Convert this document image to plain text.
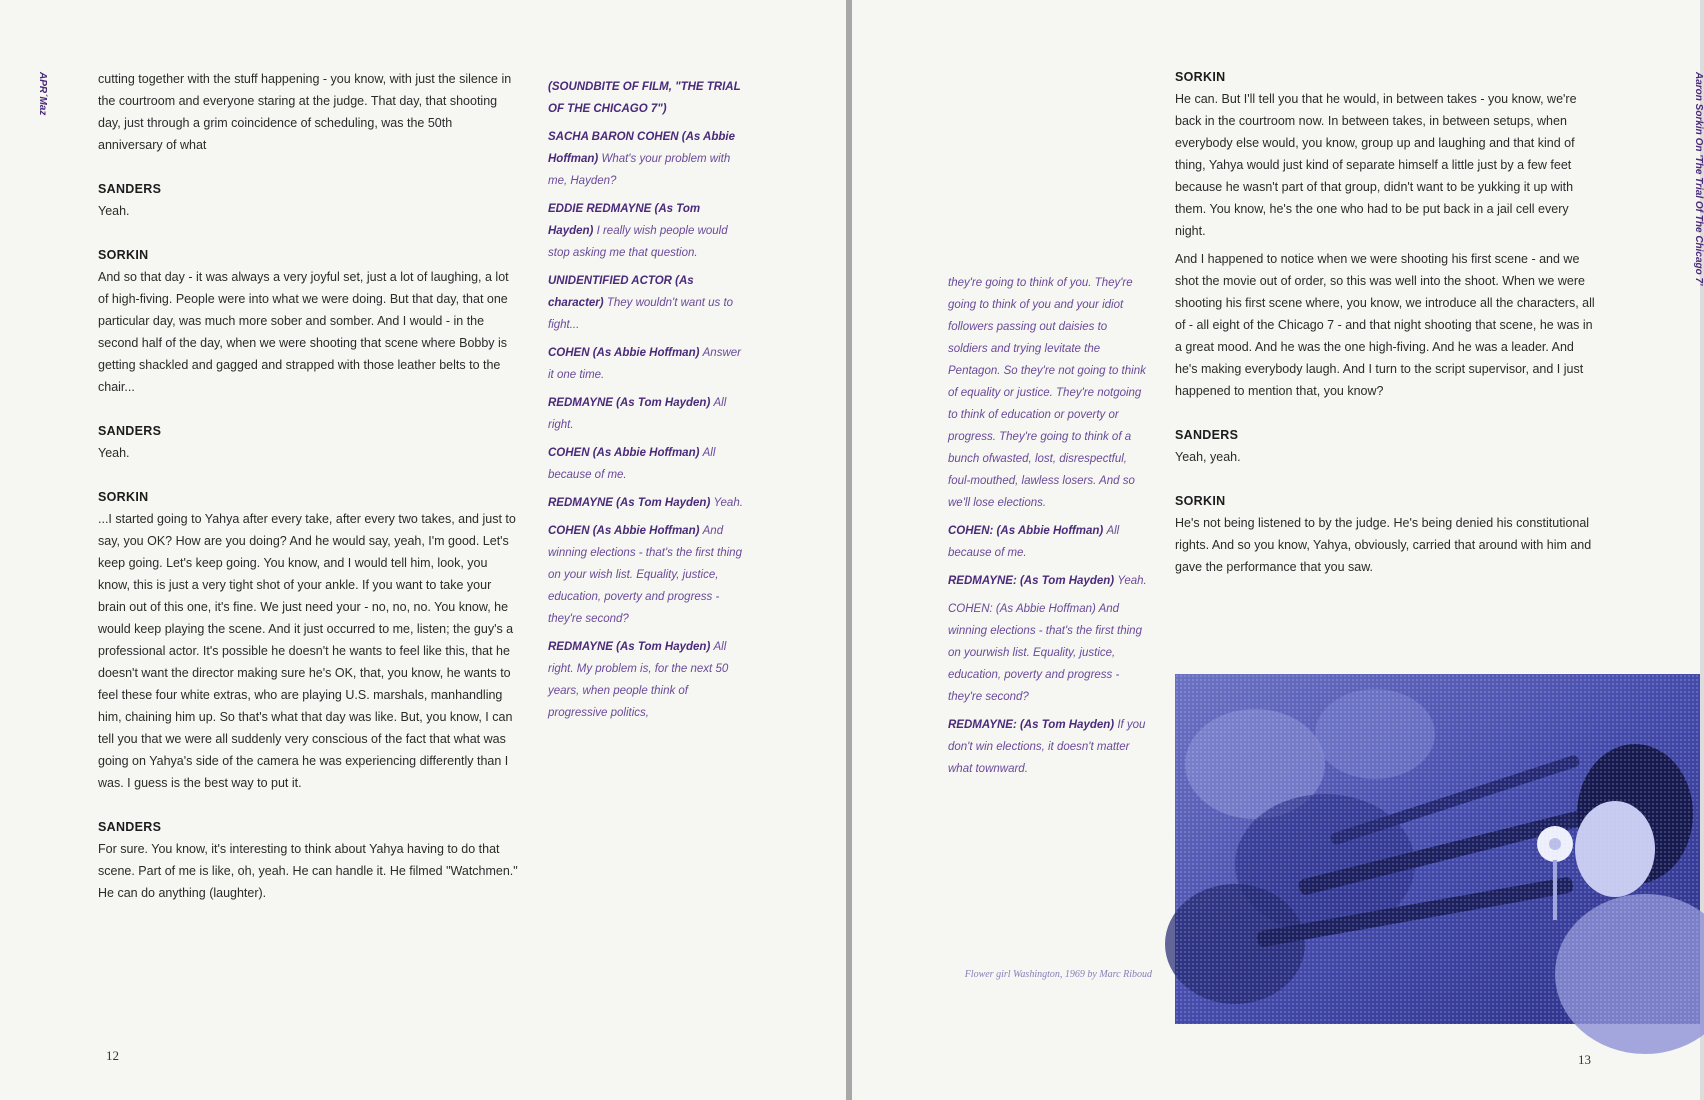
APR´Maz	cutting together with the stuff happening - you know, with just the silence in the courtroom and everyone staring at the judge. That day, that shooting day, just through a grim coincidence of scheduling, was the 50th anniversary of what

SANDERS

Yeah.

SORKIN

And so that day - it was always a very joyful set, just a lot of laughing, a lot of high-fiving. People were into what we were doing. But that day, that one particular day, was much more sober and somber. And I would - in the second half of the day, when we were shooting that scene where Bobby is getting shackled and gagged and strapped with those leather belts to the chair...

SANDERS

Yeah.

SORKIN

...I started going to Yahya after every take, after every two takes, and just to say, you OK? How are you doing? And he would say, yeah, I'm good. Let's keep going. Let's keep going. You know, and I would tell him, look, you know, this is just a very tight shot of your ankle. If you want to take your brain out of this one, it's fine. We just need your - no, no, no. You know, he would keep playing the scene. And it just occurred to me, listen; the guy's a professional actor. It's possible he doesn't he wants to feel like this, that he doesn't want the director making sure he's OK, that, you know, he wants to feel these four white extras, who are playing U.S. marshals, manhandling him, chaining him up. So that's what that day was like. But, you know, I can tell you that we were all suddenly very conscious of the fact that what was going on Yahya's side of the camera he was experiencing differently than I was. I guess is the best way to put it.

SANDERS

For sure. You know, it's interesting to think about Yahya having to do that scene. Part of me is like, oh, yeah. He can handle it. He filmed "Watchmen." He can do anything (laughter).

(SOUNDBITE OF FILM, "THE TRIAL OF THE CHICAGO 7")

SACHA BARON COHEN (As Abbie Hoffman) What's your problem with me, Hayden?

EDDIE REDMAYNE (As Tom Hayden) I really wish people would stop asking me that question.

UNIDENTIFIED ACTOR (As character) They wouldn't want us to fight...

COHEN (As Abbie Hoffman) Answer it one time.

REDMAYNE (As Tom Hayden) All right.

COHEN (As Abbie Hoffman) All because of me.

REDMAYNE (As Tom Hayden) Yeah.

COHEN (As Abbie Hoffman) And winning elections - that's the first thing on your wish list. Equality, justice, education, poverty and progress - they're second?

REDMAYNE (As Tom Hayden) All right. My problem is, for the next 50 years, when people think of progressive politics,

12
Aaron Sorkin On 'The Trial Of The Chicago 7'

they're going to think of you. They're going to think of you and your idiot followers passing out daisies to soldiers and trying levitate the Pentagon. So they're not going to think of equality or justice. They're notgoing to think of education or poverty or progress. They're going to think of a bunch ofwasted, lost, disrespectful, foul-mouthed, lawless losers. And so we'll lose elections.

COHEN: (As Abbie Hoffman) All because of me.

REDMAYNE: (As Tom Hayden) Yeah.

COHEN: (As Abbie Hoffman) And winning elections - that's the first thing on yourwish list. Equality, justice, education, poverty and progress - they're second?

REDMAYNE: (As Tom Hayden) If you don't win elections, it doesn't matter what townward.

SORKIN

He can. But I'll tell you that he would, in between takes - you know, we're back in the courtroom now. In between takes, in between setups, when everybody else would, you know, group up and laughing and that kind of thing, Yahya would just kind of separate himself a little just by a few feet because he wasn't part of that group, didn't want to be yukking it up with them. You know, he's the one who had to be put back in a jail cell every night.

And I happened to notice when we were shooting his first scene - and we shot the movie out of order, so this was well into the shoot. When we were shooting his first scene where, you know, we introduce all the characters, all of - all eight of the Chicago 7 - and that night shooting that scene, he was in a great mood. And he was the one high-fiving. And he was a leader. And he's making everybody laugh. And I turn to the script supervisor, and I just happened to mention that, you know?

SANDERS

Yeah, yeah.

SORKIN

He's not being listened to by the judge. He's being denied his constitutional rights. And so you know, Yahya, obviously, carried that around with him and gave the performance that you saw.

Flower girl Washington, 1969 by Marc Riboud
13
